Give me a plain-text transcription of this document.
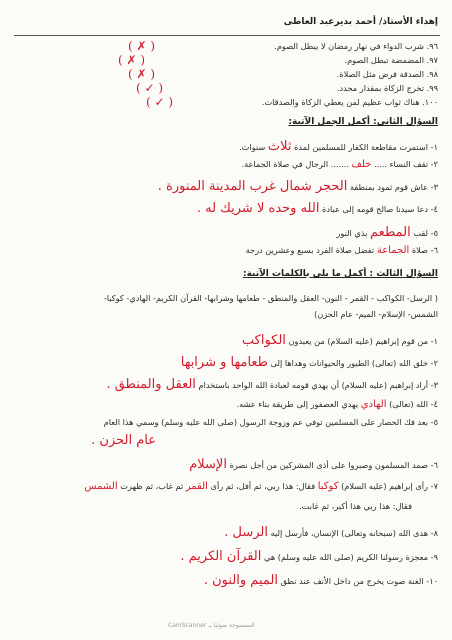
إهداء الأستاذ/ أحمد بديرعبد العاطى
٩٦. شرب الدواء في نهار رمضان لا يبطل الصوم.
( ✗ )
٩٧. المضمضة تبطل الصوم.
( ✗ )
٩٨. الصدقة فرض مثل الصلاة.
( ✗ )
٩٩. تخرج الزكاة بمقدار محدد.
( ✓ )
١٠٠. هناك ثواب عظيم لمن يعطي الزكاة والصدقات.
( ✓ )
السؤال الثاني: أكمل الجمل الآتية:
١- استمرت مقاطعة الكفار للمسلمين لمدة ثلاث سنوات.
٢- تقف النساء ..... خلف ....... الرجال في صلاة الجماعة.
٣- عاش قوم ثمود بمنطقة الحجر شمال غرب المدينة المنورة .
٤- دعا سيدنا صالح قومه إلى عبادة الله وحده لا شريك له .
٥- لقب المطعم بذي النور
٦- صلاة الجماعة تفضل صلاة الفرد بسبع وعشرين درجة
السؤال الثالث : أكمل ما يلي بالكلمات الآتية:
( الرسل- الكواكب - القمر - النون- العقل والمنطق - طعامها وشرابها- القرآن الكريم- الهادي- كوكبا-
الشمس- الإسلام- الميم- عام الحزن)
١- من قوم إبراهيم (عليه السلام) من يعبدون الكواكب
٢- خلق الله (تعالى) الطيور والحيوانات وهداها إلى طعامها و شرابها
٣- أراد إبراهيم (عليه السلام) أن يهدي قومه لعبادة الله الواحد باستخدام العقل والمنطق .
٤- الله (تعالى) الهادي يهدي العصفور إلى طريقة بناء عشه.
٥- بعد فك الحصار على المسلمين توفي عم وزوجة الرسول (صلى الله عليه وسلم) وسمي هذا العام
عام الحزن .
٦- صمد المسلمون وصبروا على أذى المشركين من أجل نصرة الإسلام
٧- رأى إبراهيم (عليه السلام) كوكبا فقال: هذا ربي، ثم أفل، ثم رأى القمر ثم غاب، ثم ظهرت الشمس
فقال: هذا ربي هذا أكبر، ثم غابت.
٨- هدى الله (سبحانه وتعالى) الإنسان، فأرسل إليه الرسل .
٩- معجزة رسولنا الكريم (صلى الله عليه وسلم) هي القرآن الكريم .
١٠- الغنة صوت يخرج من داخل الأنف عند نطق الميم والنون .
الممسوحة ضوئيا بـ CamScanner
